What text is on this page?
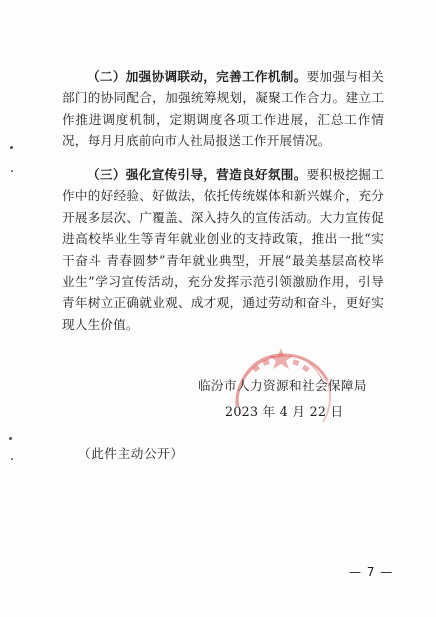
（二）加强协调联动，完善工作机制。要加强与相关部门的协同配合，加强统筹规划，凝聚工作合力。建立工作推进调度机制，定期调度各项工作进展，汇总工作情况，每月月底前向市人社局报送工作开展情况。
（三）强化宣传引导，营造良好氛围。要积极挖掘工作中的好经验、好做法，依托传统媒体和新兴媒介，充分开展多层次、广覆盖、深入持久的宣传活动。大力宣传促进高校毕业生等青年就业创业的支持政策，推出一批“实干奋斗 青春圆梦”青年就业典型，开展“最美基层高校毕业生”学习宣传活动，充分发挥示范引领激励作用，引导青年树立正确就业观、成才观，通过劳动和奋斗，更好实现人生价值。
临汾市人力资源和社会保障局
2023 年 4 月 22 日
（此件主动公开）
— 7 —
